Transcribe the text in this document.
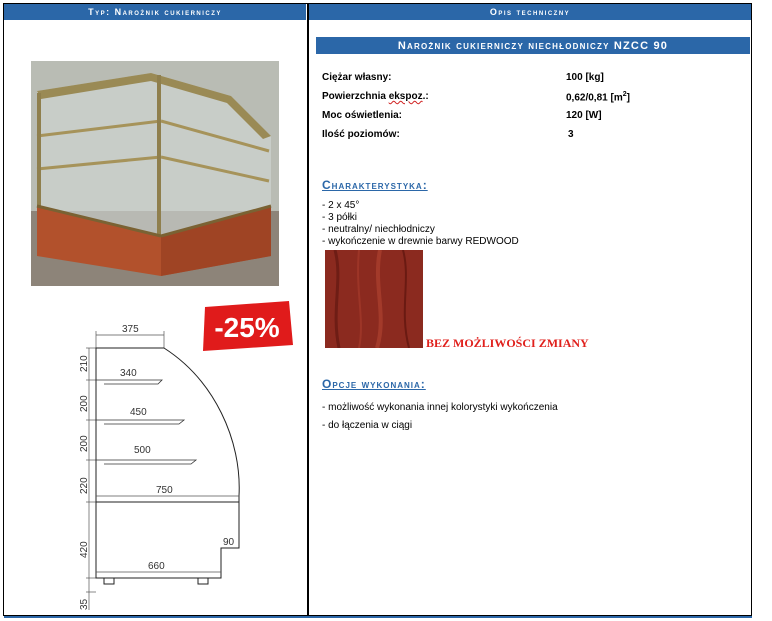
Typ: Narożnik cukierniczy	Opis techniczny
-25%
210
200
200
220
420
35
375
340
450
500
750
90
660
Narożnik cukierniczy niechłodniczy NZCC 90
Ciężar własny:	100 [kg]
Powierzchnia ekspoz.:	0,62/0,81 $[m^2]$
Moc oświetlenia:	120 [W]
Ilość poziomów:	3
Charakterystyka:
- 2 x 45°
- 3 półki
- neutralny/ niechłodniczy
- wykończenie w drewnie barwy REDWOOD
BEZ MOŻLIWOŚCI ZMIANY
Opcje wykonania:
- możliwość wykonania innej kolorystyki wykończenia
- do łączenia w ciągi
